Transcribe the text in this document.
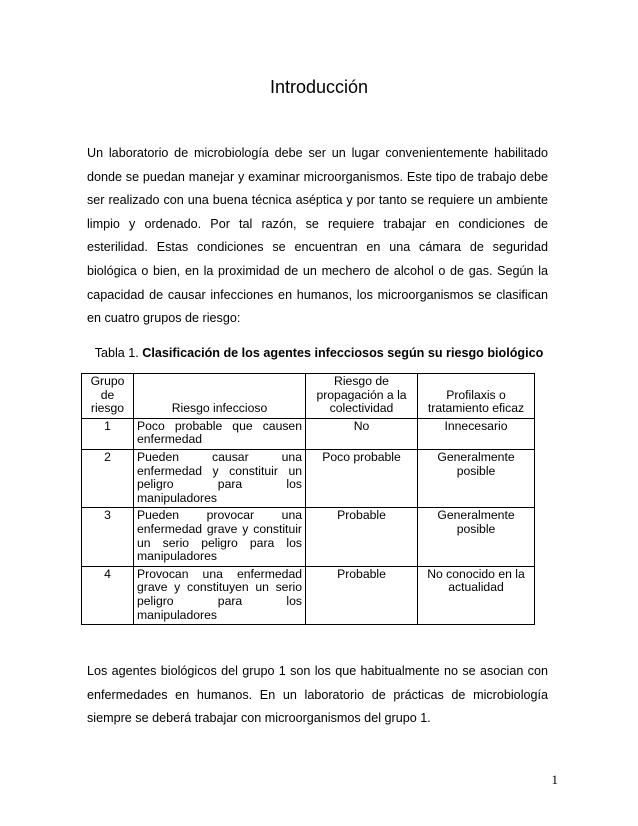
Introducción

Un laboratorio de microbiología debe ser un lugar convenientemente habilitado donde se puedan manejar y examinar microorganismos. Este tipo de trabajo debe ser realizado con una buena técnica aséptica y por tanto se requiere un ambiente limpio y ordenado. Por tal razón, se requiere trabajar en condiciones de esterilidad. Estas condiciones se encuentran en una cámara de seguridad biológica o bien, en la proximidad de un mechero de alcohol o de gas. Según la capacidad de causar infecciones en humanos, los microorganismos se clasifican en cuatro grupos de riesgo:

Tabla 1. Clasificación de los agentes infecciosos según su riesgo biológico
Grupo de riesgo	Riesgo infeccioso	Riesgo de propagación a la colectividad	Profilaxis o tratamiento eficaz
1	Poco probable que causen enfermedad	No	Innecesario
2	Pueden causar una enfermedad y constituir un peligro para los manipuladores	Poco probable	Generalmente posible
3	Pueden provocar una enfermedad grave y constituir un serio peligro para los manipuladores	Probable	Generalmente posible
4	Provocan una enfermedad grave y constituyen un serio peligro para los manipuladores	Probable	No conocido en la actualidad

Los agentes biológicos del grupo 1 son los que habitualmente no se asocian con enfermedades en humanos. En un laboratorio de prácticas de microbiología siempre se deberá trabajar con microorganismos del grupo 1.

1
